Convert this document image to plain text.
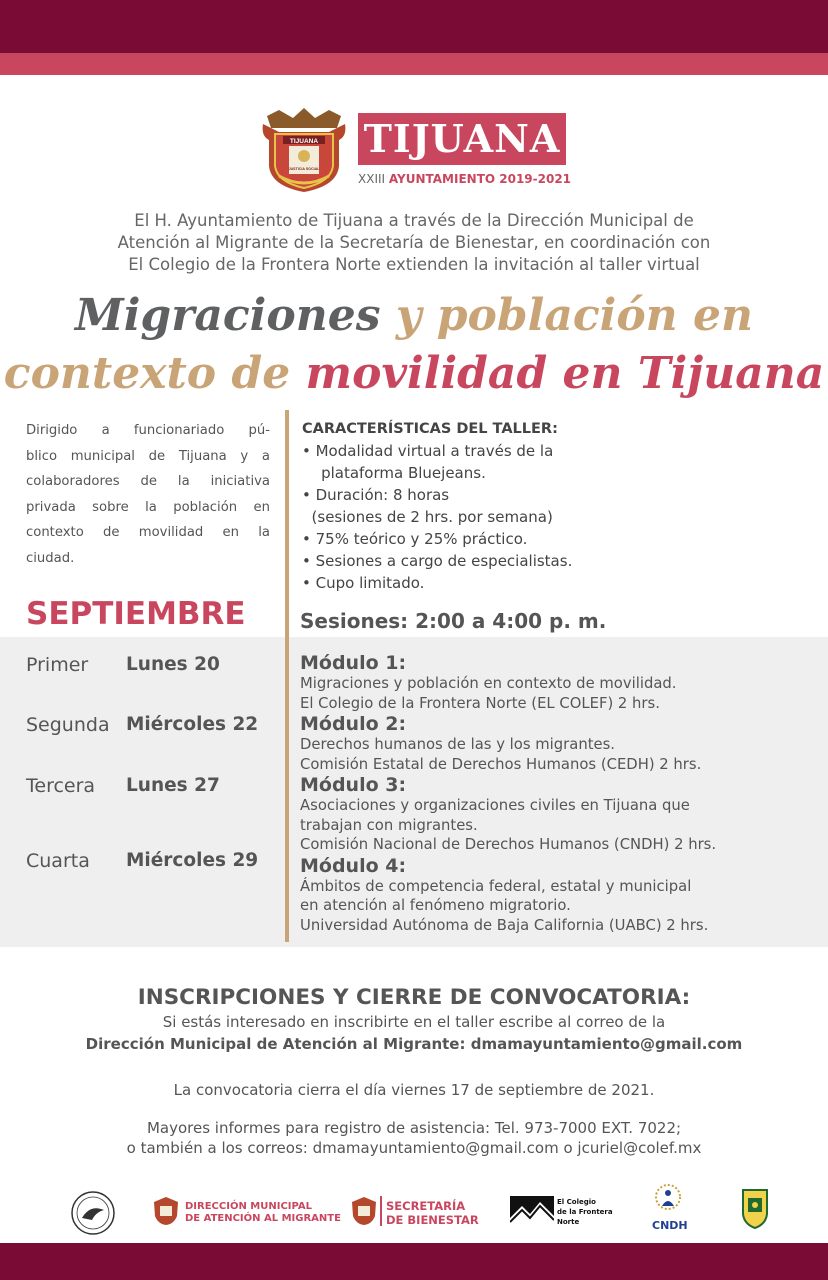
TIJUANA
JUSTICIA SOCIAL
TIJUANA
XXIII AYUNTAMIENTO 2019-2021
El H. Ayuntamiento de Tijuana a través de la Dirección Municipal de
Atención al Migrante de la Secretaría de Bienestar, en coordinación con
El Colegio de la Frontera Norte extienden la invitación al taller virtual
Migraciones y población en
contexto de movilidad en Tijuana
Dirigido a funcionariado pú-
blico municipal de Tijuana y a
colaboradores de la iniciativa
privada sobre la población en
contexto de movilidad en la
ciudad.
CARACTERÍSTICAS DEL TALLER:
• Modalidad virtual a través de la
plataforma Bluejeans.
• Duración: 8 horas
(sesiones de 2 hrs. por semana)
• 75% teórico y 25% práctico.
• Sesiones a cargo de especialistas.
• Cupo limitado.
SEPTIEMBRE	Sesiones: 2:00 a 4:00 p. m.
Primer Lunes 20
Segunda Miércoles 22
Tercera Lunes 27
Cuarta Miércoles 29
Módulo 1:
Migraciones y población en contexto de movilidad.
El Colegio de la Frontera Norte (EL COLEF) 2 hrs.
Módulo 2:
Derechos humanos de las y los migrantes.
Comisión Estatal de Derechos Humanos (CEDH) 2 hrs.
Módulo 3:
Asociaciones y organizaciones civiles en Tijuana que
trabajan con migrantes.
Comisión Nacional de Derechos Humanos (CNDH) 2 hrs.
Módulo 4:
Ámbitos de competencia federal, estatal y municipal
en atención al fenómeno migratorio.
Universidad Autónoma de Baja California (UABC) 2 hrs.
INSCRIPCIONES Y CIERRE DE CONVOCATORIA:
Si estás interesado en inscribirte en el taller escribe al correo de la
Dirección Municipal de Atención al Migrante: dmamayuntamiento@gmail.com
La convocatoria cierra el día viernes 17 de septiembre de 2021.
Mayores informes para registro de asistencia: Tel. 973-7000 EXT. 7022;
o también a los correos: dmamayuntamiento@gmail.com o jcuriel@colef.mx
DIRECCIÓN MUNICIPAL
DE ATENCIÓN AL MIGRANTE
SECRETARÍA
DE BIENESTAR
El Colegio
de la Frontera
Norte	CNDH
